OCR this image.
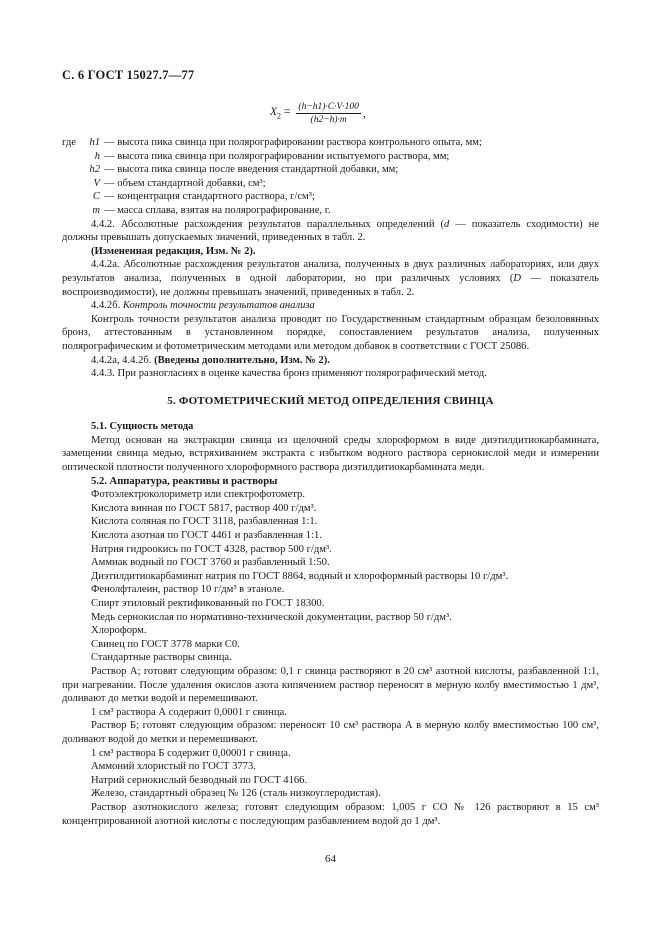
С. 6 ГОСТ 15027.7—77
$X_2 = \frac{(h-h1)\cdot C\cdot V\cdot 100}{(h2-h)\cdot m}$ ,
где	h1 — высота пика свинца при полярографировании раствора контрольного опыта, мм;
h — высота пика свинца при полярографировании испытуемого раствора, мм;
h2 — высота пика свинца после введения стандартной добавки, мм;
V — объем стандартной добавки, см³;
C — концентрация стандартного раствора, г/см³;
m — масса сплава, взятая на полярографирование, г.

4.4.2. Абсолютные расхождения результатов параллельных определений (d — показатель сходимости) не должны превышать допускаемых значений, приведенных в табл. 2.

(Измененная редакция, Изм. № 2).

4.4.2а. Абсолютные расхождения результатов анализа, полученных в двух различных лабораториях, или двух результатов анализа, полученных в одной лаборатории, но при различных условиях (D — показатель воспроизводимости), не должны превышать значений, приведенных в табл. 2.

4.4.2б. Контроль точности результатов анализа

Контроль точности результатов анализа проводят по Государственным стандартным образцам безоловянных бронз, аттестованным в установленном порядке, сопоставлением результатов анализа, полученных полярографическим и фотометрическим методами или методом добавок в соответствии с ГОСТ 25086.

4.4.2а, 4.4.2б. (Введены дополнительно, Изм. № 2).

4.4.3. При разногласиях в оценке качества бронз применяют полярографический метод.

5. ФОТОМЕТРИЧЕСКИЙ МЕТОД ОПРЕДЕЛЕНИЯ СВИНЦА

5.1. Сущность метода

Метод основан на экстракции свинца из щелочной среды хлороформом в виде диэтилдитиокарбамината, замещении свинца медью, встряхиванием экстракта с избытком водного раствора сернокислой меди и измерении оптической плотности полученного хлороформного раствора диэтилдитиокарбамината меди.

5.2. Аппаратура, реактивы и растворы

Фотоэлектроколориметр или спектрофотометр.

Кислота винная по ГОСТ 5817, раствор 400 г/дм³.

Кислота соляная по ГОСТ 3118, разбавленная 1:1.

Кислота азотная по ГОСТ 4461 и разбавленная 1:1.

Натрия гидроокись по ГОСТ 4328, раствор 500 г/дм³.

Аммиак водный по ГОСТ 3760 и разбавленный 1:50.

Диэтилдитиокарбаминат натрия по ГОСТ 8864, водный и хлороформный растворы 10 г/дм³.

Фенолфталеин, раствор 10 г/дм³ в этаноле.

Спирт этиловый ректификованный по ГОСТ 18300.

Медь сернокислая по нормативно-технической документации, раствор 50 г/дм³.

Хлороформ.

Свинец по ГОСТ 3778 марки С0.

Стандартные растворы свинца.

Раствор А; готовят следующим образом: 0,1 г свинца растворяют в 20 см³ азотной кислоты, разбавленной 1:1, при нагревании. После удаления окислов азота кипячением раствор переносят в мерную колбу вместимостью 1 дм³, доливают до метки водой и перемешивают.

1 см³ раствора А содержит 0,0001 г свинца.

Раствор Б; готовят следующим образом: переносят 10 см³ раствора А в мерную колбу вместимостью 100 см³, доливают водой до метки и перемешивают.

1 см³ раствора Б содержит 0,00001 г свинца.

Аммоний хлористый по ГОСТ 3773.

Натрий сернокислый безводный по ГОСТ 4166.

Железо, стандартный образец № 126 (сталь низкоуглеродистая).

Раствор азотнокислого железа; готовят следующим образом: 1,005 г СО № 126 растворяют в 15 см³ концентрированной азотной кислоты с последующим разбавлением водой до 1 дм³.

64
